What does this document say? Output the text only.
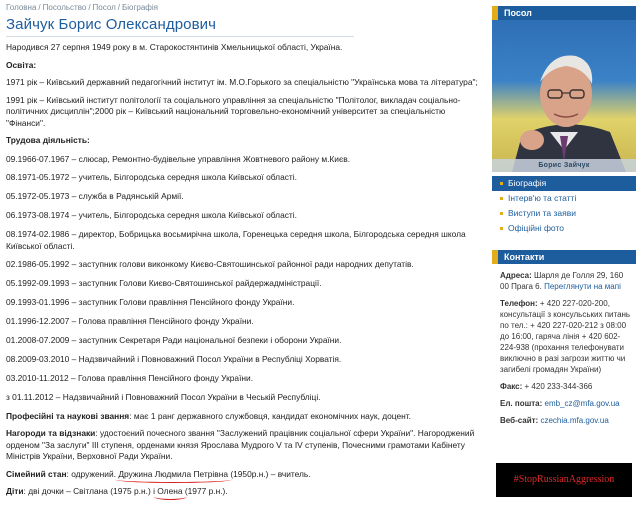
Головна / Посольство / Посол / Біографія
Зайчук Борис Олександрович

Народився 27 серпня 1949 року в м. Старокостянтинів Хмельницької області, Україна.

Освіта:

1971 рік – Київський державний педагогічний інститут ім. М.О.Горького за спеціальністю "Українська мова та література";

1991 рік – Київський інститут політології та соціального управління за спеціальністю "Політолог, викладач соціально-політичних дисциплін";2000 рік – Київський національний торговельно-економічний університет за спеціальністю "Фінанси".

Трудова діяльність:

09.1966-07.1967 – слюсар, Ремонтно-будівельне управління Жовтневого району м.Києв.
08.1971-05.1972 – учитель, Білгородська середня школа Київської області.
05.1972-05.1973 – служба в Радянській Армії.
06.1973-08.1974 – учитель, Білгородська середня школа Київської області.

08.1974-02.1986 – директор, Бобрицька восьмирічна школа, Горенецька середня школа, Білгородська середня школа Київської області.

02.1986-05.1992 – заступник голови виконкому Києво-Святошинської районної ради народних депутатів.
05.1992-09.1993 – заступник Голови Києво-Святошинської райдержадміністрації.
09.1993-01.1996 – заступник Голови правління Пенсійного фонду України.
01.1996-12.2007 – Голова правління Пенсійного фонду України.
01.2008-07.2009 – заступник Секретаря Ради національної безпеки і оборони України.
08.2009-03.2010 – Надзвичайний і Повноважний Посол України в Республіці Хорватія.
03.2010-11.2012 – Голова правління Пенсійного фонду України.
з 01.11.2012 – Надзвичайний і Повноважний Посол України в Чеській Республіці.

Професійні та наукові звання: має 1 ранг державного службовця, кандидат економічних наук, доцент.

Нагороди та відзнаки: удостоєний почесного звання "Заслужений працівник соціальної сфери України". Нагороджений орденом "За заслуги" III ступеня, орденами князя Ярослава Мудрого V та IV ступенів, Почесними грамотами Кабінету Міністрів України, Верховної Ради України.

Сімейний стан: одружений. Дружина Людмила Петрівна
(1950р.н.) – вчитель.

Діти: дві дочки – Світлана (1975 р.н.) і Олена
(1977 р.н.).

Посол
Борис Зайчук
Біографія
Інтерв'ю та статті
Виступи та заяви
Офіційні фото
Контакти
Адреса: Шарля де Голля 29, 160 00 Прага 6. Переглянути на мапі
Телефон: + 420 227-020-200, консультації з консульських питань по тел.: + 420 227-020-212 з 08:00 до 16:00, гаряча лінія + 420 602-224-938 (прохання телефонувати виключно в разі загрози життю чи загибелі громадян України)
Факс: + 420 233-344-366
Ел. пошта: emb_cz@mfa.gov.ua
Веб-сайт: czechia.mfa.gov.ua
#StopRussianAggression
